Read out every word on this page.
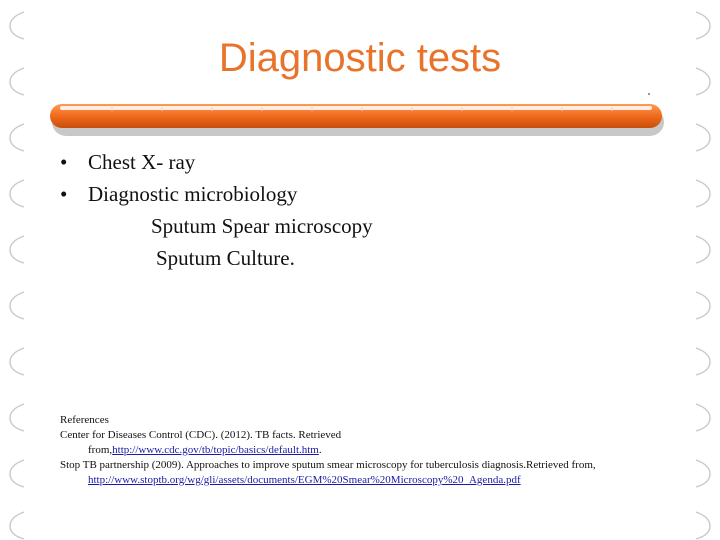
Diagnostic tests
• Chest X- ray
• Diagnostic microbiology
Sputum Spear microscopy
Sputum Culture.
References
Center for Diseases Control (CDC). (2012). TB facts. Retrieved
from,http://www.cdc.gov/tb/topic/basics/default.htm.
Stop TB partnership (2009). Approaches to improve sputum smear microscopy for tuberculosis diagnosis.Retrieved from,
http://www.stoptb.org/wg/gli/assets/documents/EGM%20Smear%20Microscopy%20_Agenda.pdf
